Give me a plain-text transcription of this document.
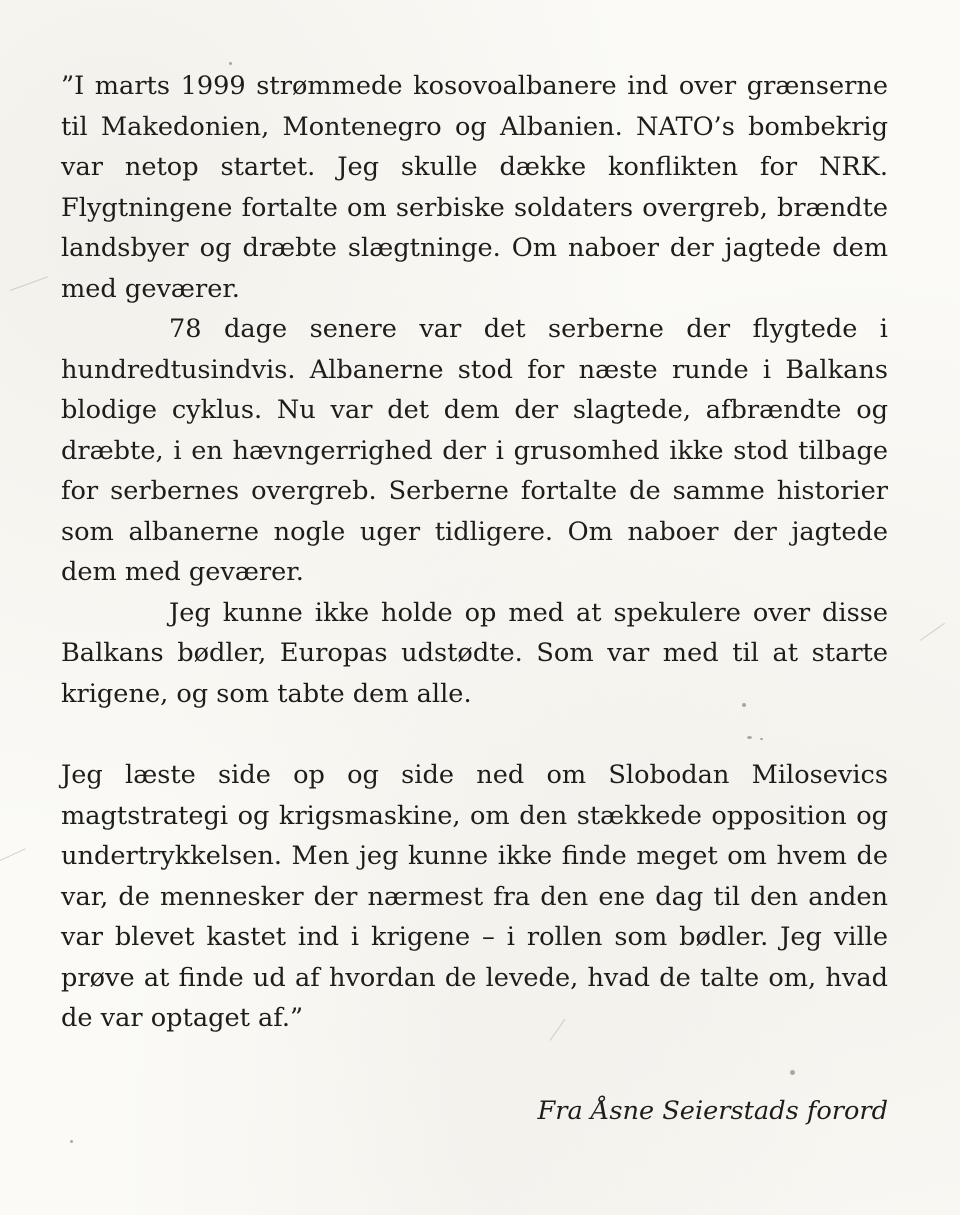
”I marts 1999 strømmede kosovoalbanere ind over grænserne til Makedonien, Montenegro og Albanien. NATO’s bombekrig var netop startet. Jeg skulle dække konflikten for NRK. Flygtningene fortalte om serbiske soldaters overgreb, brændte landsbyer og dræbte slægtninge. Om naboer der jagtede dem med geværer.

78 dage senere var det serberne der flygtede i hundredtusindvis. Albanerne stod for næste runde i Balkans blodige cyklus. Nu var det dem der slagtede, afbrændte og dræbte, i en hævngerrighed der i grusomhed ikke stod tilbage for serbernes overgreb. Serberne fortalte de samme historier som albanerne nogle uger tidligere. Om naboer der jagtede dem med geværer.

Jeg kunne ikke holde op med at spekulere over disse Balkans bødler, Europas udstødte. Som var med til at starte krigene, og som tabte dem alle.

Jeg læste side op og side ned om Slobodan Milosevics magtstrategi og krigsmaskine, om den stækkede opposition og undertrykkelsen. Men jeg kunne ikke finde meget om hvem de var, de mennesker der nærmest fra den ene dag til den anden var blevet kastet ind i krigene – i rollen som bødler. Jeg ville prøve at finde ud af hvordan de levede, hvad de talte om, hvad de var optaget af.”

Fra Åsne Seierstads forord
